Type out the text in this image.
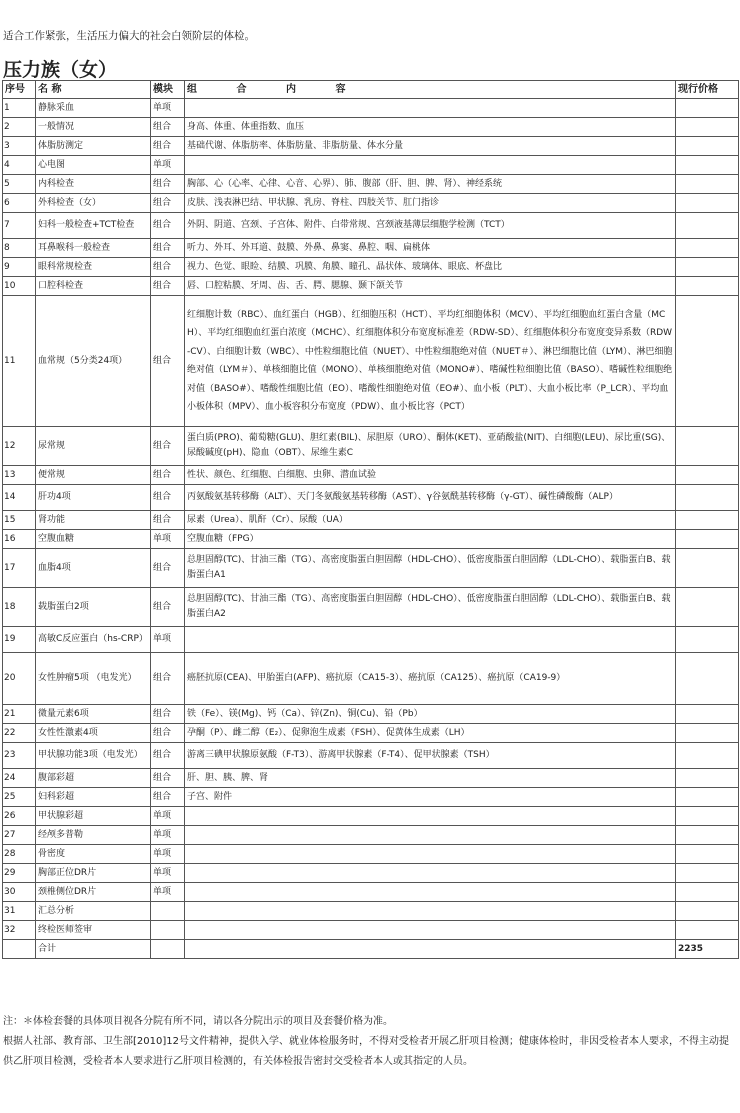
适合工作紧张，生活压力偏大的社会白领阶层的体检。
压力族（女）
序号	名 称	模块	组 合 内 容	现行价格
1	静脉采血	单项		
2	一般情况	组合	身高、体重、体重指数、血压	
3	体脂肪测定	组合	基础代谢、体脂肪率、体脂肪量、非脂肪量、体水分量	
4	心电图	单项		
5	内科检查	组合	胸部、心（心率、心律、心音、心界）、肺、腹部（肝、胆、脾、肾）、神经系统	
6	外科检查（女）	组合	皮肤、浅表淋巴结、甲状腺、乳房、脊柱、四肢关节、肛门指诊	
7	妇科一般检查+TCT检查	组合	外阴、阴道、宫颈、子宫体、附件、白带常规、宫颈液基薄层细胞学检测（TCT）	
8	耳鼻喉科一般检查	组合	听力、外耳、外耳道、鼓膜、外鼻、鼻窦、鼻腔、咽、扁桃体	
9	眼科常规检查	组合	视力、色觉、眼睑、结膜、巩膜、角膜、瞳孔、晶状体、玻璃体、眼底、杯盘比	
10	口腔科检查	组合	唇、口腔粘膜、牙周、齿、舌、腭、腮腺、颞下颌关节	
11	血常规（5分类24项）	组合	红细胞计数（RBC）、血红蛋白（HGB）、红细胞压积（HCT）、平均红细胞体积（MCV）、平均红细胞血红蛋白含量（MCH）、平均红细胞血红蛋白浓度（MCHC）、红细胞体积分布宽度标准差（RDW-SD）、红细胞体积分布宽度变异系数（RDW-CV）、白细胞计数（WBC）、中性粒细胞比值（NUET）、中性粒细胞绝对值（NUET＃）、淋巴细胞比值（LYM）、淋巴细胞绝对值（LYM＃）、单核细胞比值（MONO）、单核细胞绝对值（MONO#）、嗜碱性粒细胞比值（BASO）、嗜碱性粒细胞绝对值（BASO#）、嗜酸性细胞比值（EO）、嗜酸性细胞绝对值（EO#）、血小板（PLT）、大血小板比率（P_LCR）、平均血小板体积（MPV）、血小板容积分布宽度（PDW）、血小板比容（PCT）	
12	尿常规	组合	蛋白质(PRO)、葡萄糖(GLU)、胆红素(BIL)、尿胆原（URO）、酮体(KET)、亚硝酸盐(NIT)、白细胞(LEU)、尿比重(SG)、尿酸碱度(pH)、隐血（OBT）、尿维生素C	
13	便常规	组合	性状、颜色、红细胞、白细胞、虫卵、潜血试验	
14	肝功4项	组合	丙氨酸氨基转移酶（ALT）、天门冬氨酸氨基转移酶（AST）、γ谷氨酰基转移酶（γ-GT）、碱性磷酸酶（ALP）	
15	肾功能	组合	尿素（Urea）、肌酐（Cr）、尿酸（UA）	
16	空腹血糖	单项	空腹血糖（FPG）	
17	血脂4项	组合	总胆固醇(TC)、甘油三酯（TG）、高密度脂蛋白胆固醇（HDL-CHO）、低密度脂蛋白胆固醇（LDL-CHO）、载脂蛋白B、载脂蛋白A1	
18	载脂蛋白2项	组合	总胆固醇(TC)、甘油三酯（TG）、高密度脂蛋白胆固醇（HDL-CHO）、低密度脂蛋白胆固醇（LDL-CHO）、载脂蛋白B、载脂蛋白A2	
19	高敏C反应蛋白（hs-CRP）	单项		
20	女性肿瘤5项 （电发光）	组合	癌胚抗原(CEA)、甲胎蛋白(AFP)、癌抗原（CA15-3）、癌抗原（CA125）、癌抗原（CA19-9）	
21	微量元素6项	组合	铁（Fe）、镁(Mg)、钙（Ca）、锌(Zn)、铜(Cu)、铅（Pb）	
22	女性性激素4项	组合	孕酮（P）、雌二醇（E₂）、促卵泡生成素（FSH）、促黄体生成素（LH）	
23	甲状腺功能3项（电发光）	组合	游离三碘甲状腺原氨酸（F-T3）、游离甲状腺素（F-T4）、促甲状腺素（TSH）	
24	腹部彩超	组合	肝、胆、胰、脾、肾	
25	妇科彩超	组合	子宫、附件	
26	甲状腺彩超	单项		
27	经颅多普勒	单项		
28	骨密度	单项		
29	胸部正位DR片	单项		
30	颈椎侧位DR片	单项		
31	汇总分析			
32	终检医师签审			
	合计			2235

注：＊体检套餐的具体项目视各分院有所不同，请以各分院出示的项目及套餐价格为准。

根据人社部、教育部、卫生部[2010]12号文件精神，提供入学、就业体检服务时，不得对受检者开展乙肝项目检测；健康体检时，非因受检者本人要求，不得主动提供乙肝项目检测，受检者本人要求进行乙肝项目检测的，有关体检报告密封交受检者本人或其指定的人员。
